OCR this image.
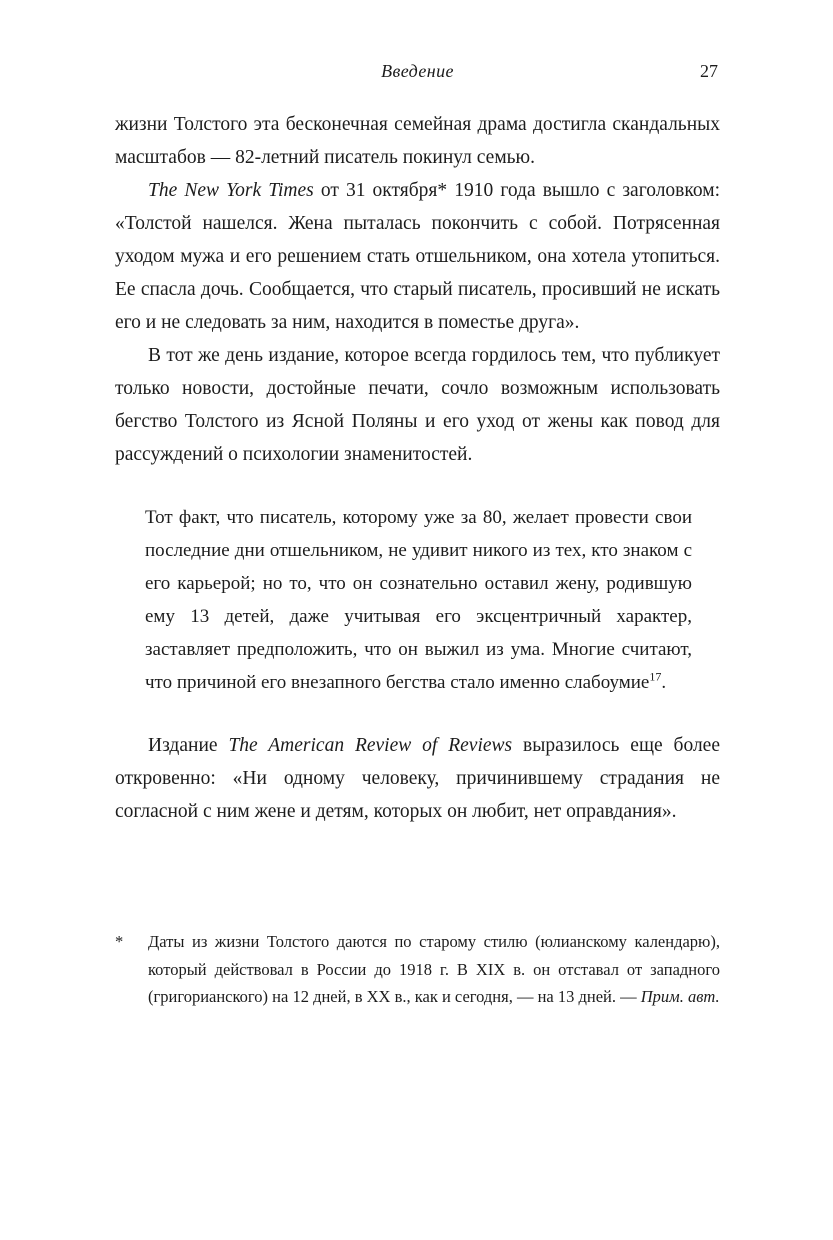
Введение	27

жизни Толстого эта бесконечная семейная драма достигла скандальных масштабов — 82-летний писатель покинул семью.

The New York Times от 31 октября* 1910 года вышло с заголовком: «Толстой нашелся. Жена пыталась покончить с собой. Потрясенная уходом мужа и его решением стать отшельником, она хотела утопиться. Ее спасла дочь. Сообщается, что старый писатель, просивший не искать его и не следовать за ним, находится в поместье друга».

В тот же день издание, которое всегда гордилось тем, что публикует только новости, достойные печати, сочло возможным использовать бегство Толстого из Ясной Поляны и его уход от жены как повод для рассуждений о психологии знаменитостей.

Тот факт, что писатель, которому уже за 80, желает провести свои последние дни отшельником, не удивит никого из тех, кто знаком с его карьерой; но то, что он сознательно оставил жену, родившую ему 13 детей, даже учитывая его эксцентричный характер, заставляет предположить, что он выжил из ума. Многие считают, что причиной его внезапного бегства стало именно слабоумие$^{17}$.

Издание The American Review of Reviews выразилось еще более откровенно: «Ни одному человеку, причинившему страдания не согласной с ним жене и детям, которых он любит, нет оправдания».

* Даты из жизни Толстого даются по старому стилю (юлианскому календарю), который действовал в России до 1918 г. В XIX в. он отставал от западного (григорианского) на 12 дней, в XX в., как и сегодня, — на 13 дней. — Прим. авт.
